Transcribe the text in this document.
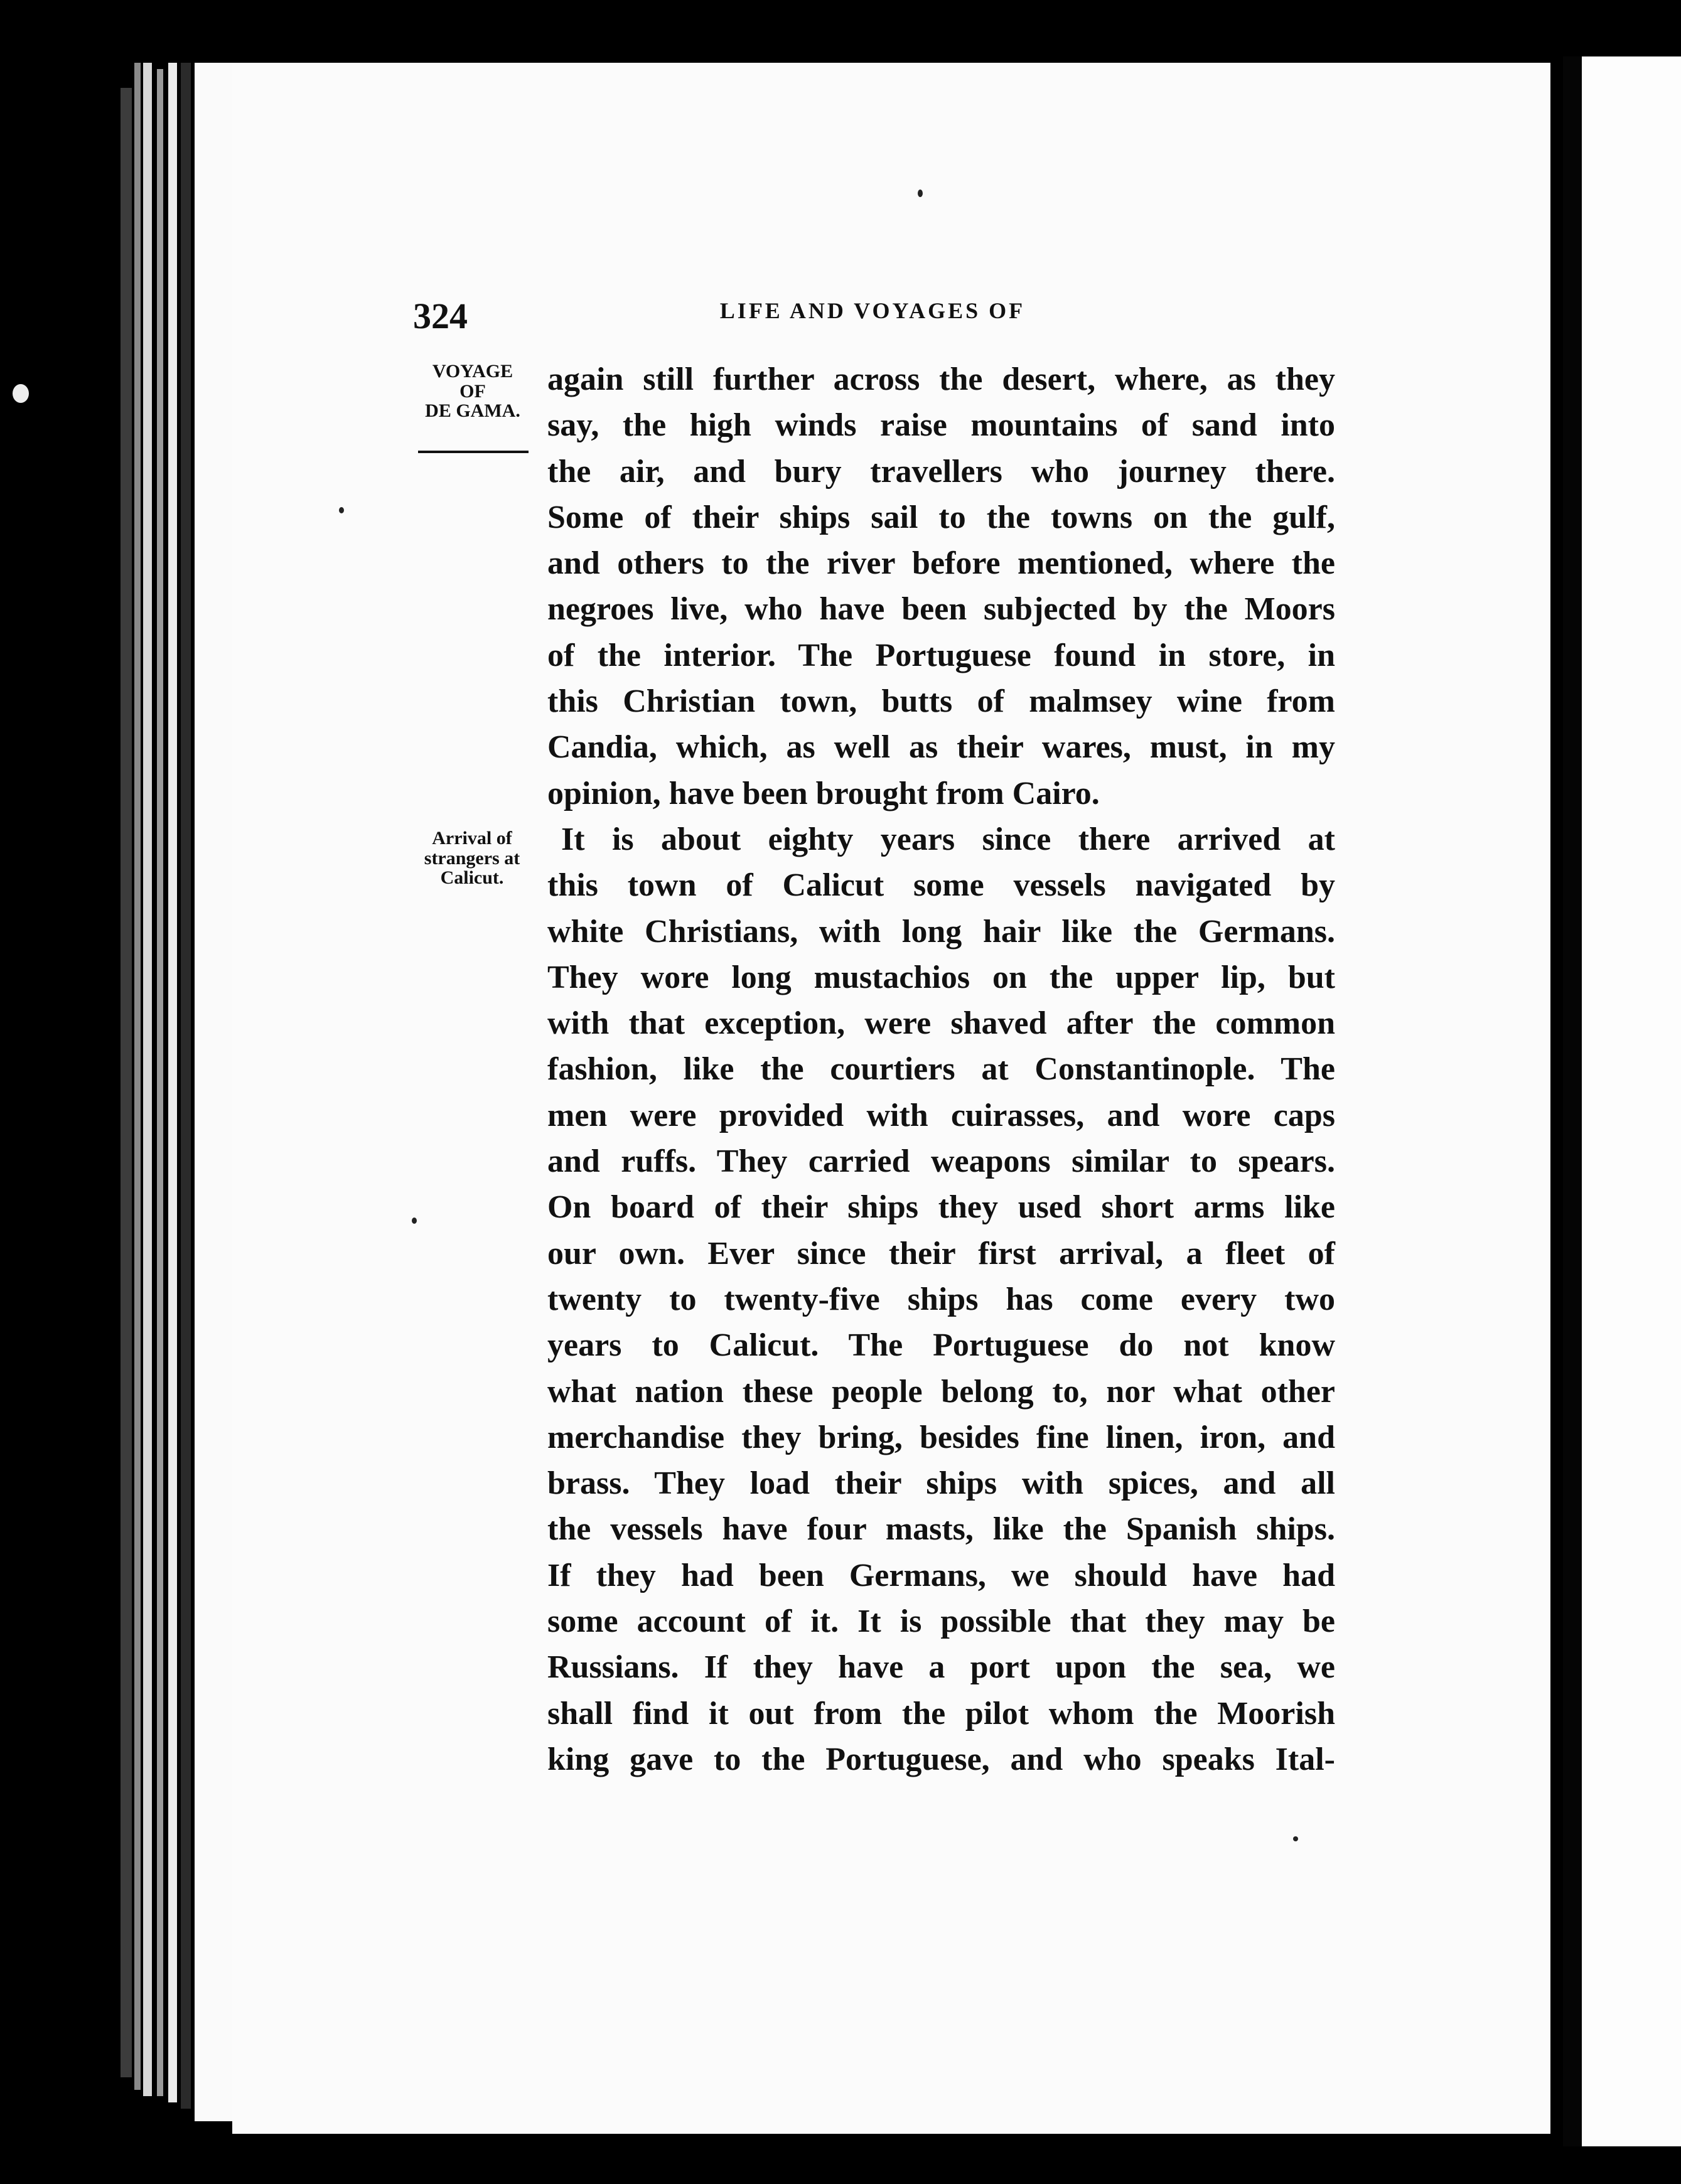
324	LIFE AND VOYAGES OF
VOYAGE
OF
DE GAMA.
Arrival of
strangers at
Calicut.
again still further across the desert, where, as they
say, the high winds raise mountains of sand into
the air, and bury travellers who journey there.
Some of their ships sail to the towns on the gulf,
and others to the river before mentioned, where the
negroes live, who have been subjected by the Moors
of the interior. The Portuguese found in store, in
this Christian town, butts of malmsey wine from
Candia, which, as well as their wares, must, in my
opinion, have been brought from Cairo.
It is about eighty years since there arrived at
this town of Calicut some vessels navigated by
white Christians, with long hair like the Germans.
They wore long mustachios on the upper lip, but
with that exception, were shaved after the common
fashion, like the courtiers at Constantinople. The
men were provided with cuirasses, and wore caps
and ruffs. They carried weapons similar to spears.
On board of their ships they used short arms like
our own. Ever since their first arrival, a fleet of
twenty to twenty-five ships has come every two
years to Calicut. The Portuguese do not know
what nation these people belong to, nor what other
merchandise they bring, besides fine linen, iron, and
brass. They load their ships with spices, and all
the vessels have four masts, like the Spanish ships.
If they had been Germans, we should have had
some account of it. It is possible that they may be
Russians. If they have a port upon the sea, we
shall find it out from the pilot whom the Moorish
king gave to the Portuguese, and who speaks Ital-
